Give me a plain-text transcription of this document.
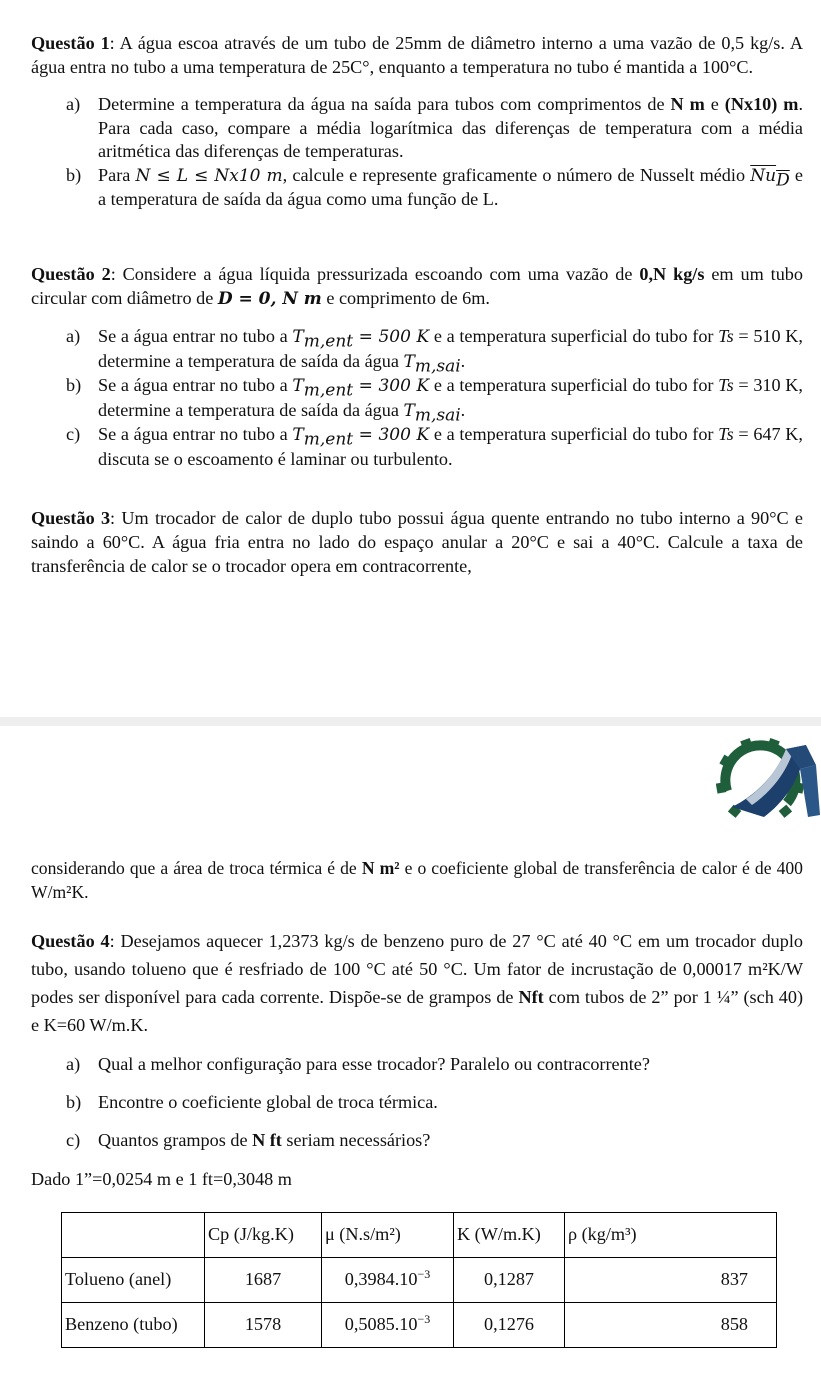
Questão 1: A água escoa através de um tubo de 25mm de diâmetro interno a uma vazão de 0,5 kg/s. A água entra no tubo a uma temperatura de 25C°, enquanto a temperatura no tubo é mantida a 100°C.

a) Determine a temperatura da água na saída para tubos com comprimentos de N m e (Nx10) m. Para cada caso, compare a média logarítmica das diferenças de temperatura com a média aritmética das diferenças de temperaturas.
b) Para N ≤ L ≤ Nx10 m, calcule e represente graficamente o número de Nusselt médio $\overline{Nu}_{\overline{D}}$ e a temperatura de saída da água como uma função de L.

Questão 2: Considere a água líquida pressurizada escoando com uma vazão de 0,N kg/s em um tubo circular com diâmetro de D = 0, N m e comprimento de 6m.

a) Se a água entrar no tubo a $T_{m,ent} = 500$ K e a temperatura superficial do tubo for Ts = 510 K, determine a temperatura de saída da água $T_{m,sai}$.
b) Se a água entrar no tubo a $T_{m,ent} = 300$ K e a temperatura superficial do tubo for Ts = 310 K, determine a temperatura de saída da água $T_{m,sai}$.
c) Se a água entrar no tubo a $T_{m,ent} = 300$ K e a temperatura superficial do tubo for Ts = 647 K, discuta se o escoamento é laminar ou turbulento.

Questão 3: Um trocador de calor de duplo tubo possui água quente entrando no tubo interno a 90°C e saindo a 60°C. A água fria entra no lado do espaço anular a 20°C e sai a 40°C. Calcule a taxa de transferência de calor se o trocador opera em contracorrente,

considerando que a área de troca térmica é de N m² e o coeficiente global de transferência de calor é de 400 W/m²K.

Questão 4: Desejamos aquecer 1,2373 kg/s de benzeno puro de 27 °C até 40 °C em um trocador duplo tubo, usando tolueno que é resfriado de 100 °C até 50 °C. Um fator de incrustação de 0,00017 m²K/W podes ser disponível para cada corrente. Dispõe-se de grampos de Nft com tubos de 2” por 1 ¼” (sch 40) e K=60 W/m.K.

a) Qual a melhor configuração para esse trocador? Paralelo ou contracorrente?
b) Encontre o coeficiente global de troca térmica.
c) Quantos grampos de N ft seriam necessários?

Dado 1”=0,0254 m e 1 ft=0,3048 m

	Cp (J/kg.K)	μ (N.s/m²)	K (W/m.K)	ρ (kg/m³)
Tolueno (anel)	1687	$0,3984.10^{-3}$	0,1287	837
Benzeno (tubo)	1578	$0,5085.10^{-3}$	0,1276	858
